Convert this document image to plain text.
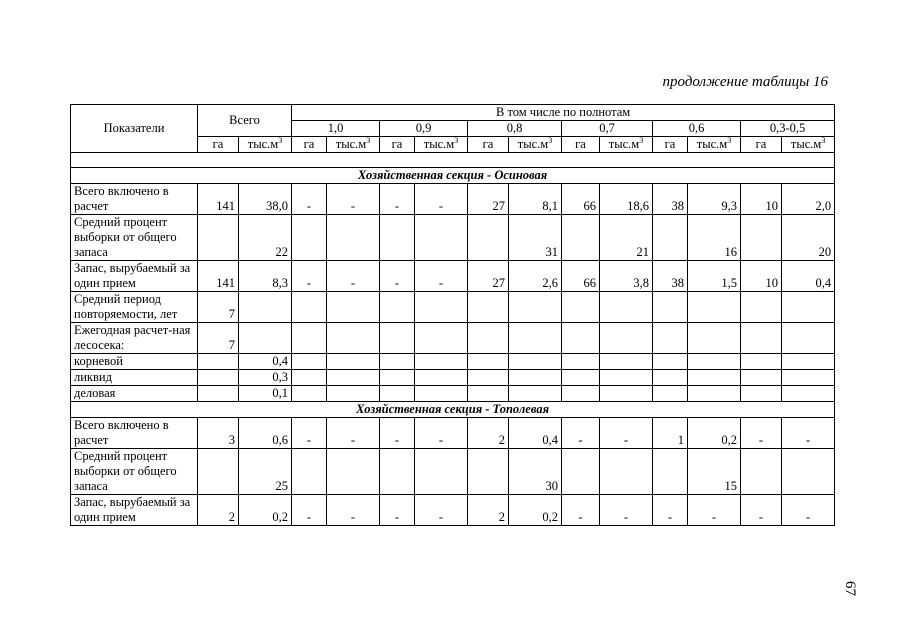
продолжение таблицы 16
Показатели	Всего		В том числе по полнотам											
			1,0		0,9		0,8		0,7		0,6		0,3-0,5	
	га	$тыс.м^3$	га	$тыс.м^3$	га	$тыс.м^3$	га	$тыс.м^3$	га	$тыс.м^3$	га	$тыс.м^3$	га	$тыс.м^3$

Хозяйственная секция - Осиновая														
Всего включено в расчет	141	38,0	-	-	-	-	27	8,1	66	18,6	38	9,3	10	2,0
Средний процент выборки от общего запаса		22						31		21		16		20
Запас, вырубаемый за один прием	141	8,3	-	-	-	-	27	2,6	66	3,8	38	1,5	10	0,4
Средний период повторяемости, лет	7													
Ежегодная расчет-ная лесосека:	7													
корневой		0,4												
ликвид		0,3												
деловая		0,1												
Хозяйственная секция - Тополевая														
Всего включено в расчет	3	0,6	-	-	-	-	2	0,4	-	-	1	0,2	-	-
Средний процент выборки от общего запаса		25						30				15		
Запас, вырубаемый за один прием	2	0,2	-	-	-	-	2	0,2	-	-	-	-	-	-
67
